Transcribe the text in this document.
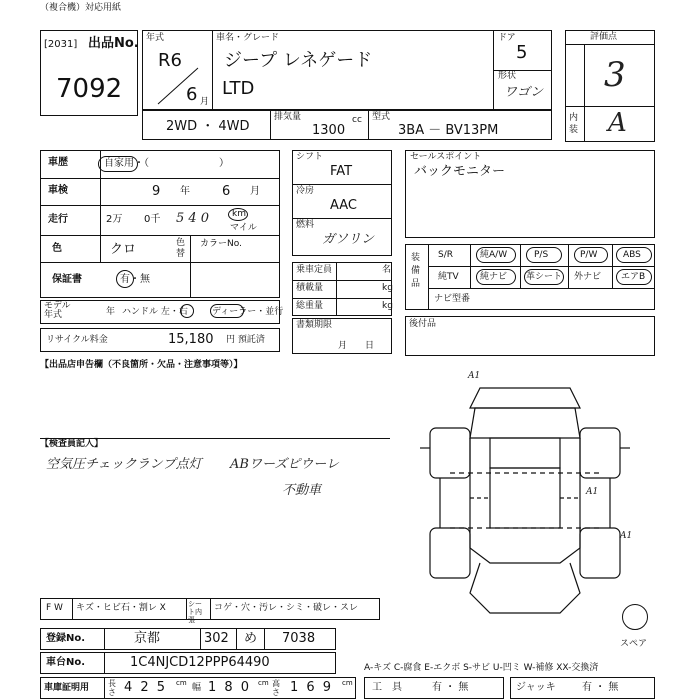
（複合機）対応用紙
出品No.
[2031]
7092
年式
R6
6 月
車名・グレード
ジープ レネゲード
LTD
ドア
5
形状
ワゴン
評価点
3
内装 A
2WD ・ 4WD
排気量
1300
cc 型式
3BA － BV13PM
車歴	自家用・（　　　　　　　）
車検	9 年 6 月
走行	2万 0千 5 4 0	km
マイル
色	クロ	色替
カラーNo.
保証書	有・無
モデル年式	年 ハンドル 左・右	ディーラー・並行
リサイクル料金	15,180 円 預託済
シフト
FAT
冷房
AAC
燃料
ガソリン
乗車定員	名
積載量	kg
総重量	kg
書類期限
月日
セールスポイント
バックモニター
装備品
S/R	純A/W	P/S	P/W	ABS
純TV 純ナビ 革シート 外ナビ エアB
ナビ型番
後付品
【出品店申告欄（不良箇所・欠品・注意事項等）】
【検査員記入】
空気圧チェックランプ点灯 ABワーズピウーレ
不動車
A1
A1
A1
スペア
F W キズ・ヒビ石・割レ X	シート内張
コゲ・穴・汚レ・シミ・破レ・スレ
登録No.	京都	302 め 7038
車台No.	1C4NJCD12PPP64490	A-キズ C-腐食 E-エクボ S-サビ U-凹ミ W-補修 XX-交換済
車庫証明用 長さ 4 2 5 cm 幅 1 8 0 cm 高さ 1 6 9 cm 工　具	有 ・ 無	ジャッキ	有 ・ 無
